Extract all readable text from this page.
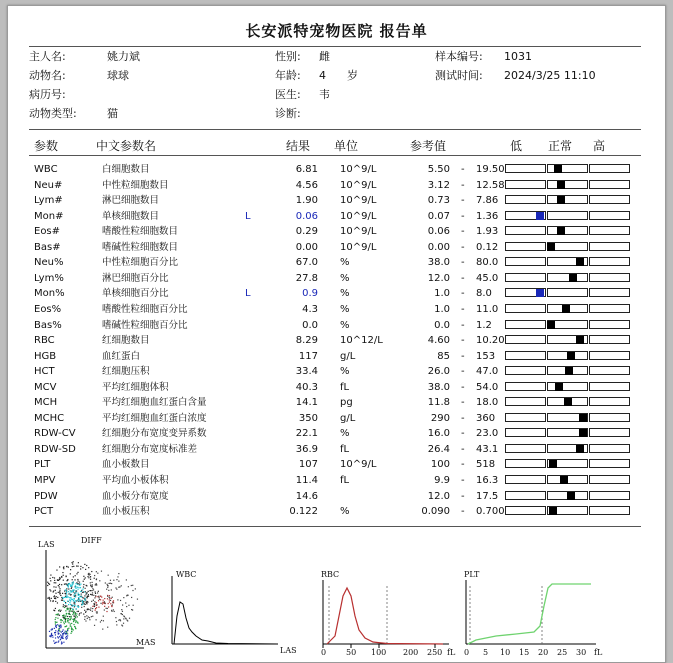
长安派特宠物医院 报告单
主人名:	姚力斌	性别: 雌	样本编号: 1031
动物名:	球球	年龄: 4 岁	测试时间: 2024/3/25 11:10
病历号:	医生: 韦
动物类型:	猫	诊断:
参数	中文参数名	结果 单位	参考值	低 正常 高
WBC	白细胞数目	6.81 10^9/L	5.50 - 19.50
Neu#	中性粒细胞数目	4.56 10^9/L	3.12 - 12.58
Lym#	淋巴细胞数目	1.90 10^9/L	0.73 - 7.86
Mon#	单核细胞数目	L	0.06 10^9/L	0.07 - 1.36
Eos#	嗜酸性粒细胞数目	0.29 10^9/L	0.06 - 1.93
Bas#	嗜碱性粒细胞数目	0.00 10^9/L	0.00 - 0.12
Neu%	中性粒细胞百分比	67.0 %	38.0 - 80.0
Lym%	淋巴细胞百分比	27.8 %	12.0 - 45.0
Mon%	单核细胞百分比	L	0.9 %	1.0 - 8.0
Eos%	嗜酸性粒细胞百分比	4.3 %	1.0 - 11.0
Bas%	嗜碱性粒细胞百分比	0.0 %	0.0 - 1.2
RBC	红细胞数目	8.29 10^12/L	4.60 - 10.20
HGB	血红蛋白	117 g/L	85 - 153
HCT	红细胞压积	33.4 %	26.0 - 47.0
MCV	平均红细胞体积	40.3 fL	38.0 - 54.0
MCH	平均红细胞血红蛋白含量	14.1 pg	11.8 - 18.0
MCHC	平均红细胞血红蛋白浓度	350 g/L	290 - 360
RDW-CV	红细胞分布宽度变异系数	22.1 %	16.0 - 23.0
RDW-SD	红细胞分布宽度标准差	36.9 fL	26.4 - 43.1
PLT	血小板数目	107 10^9/L	100 - 518
MPV	平均血小板体积	11.4 fL	9.9 - 16.3
PDW	血小板分布宽度	14.6	12.0 - 17.5
PCT	血小板压积	0.122 %	0.090 - 0.700
LAS	DIFF
MAS
WBC
LAS
RBC
0 50 100 200 250 fL
PLT
0 5 10 15 20 25 30 fL
